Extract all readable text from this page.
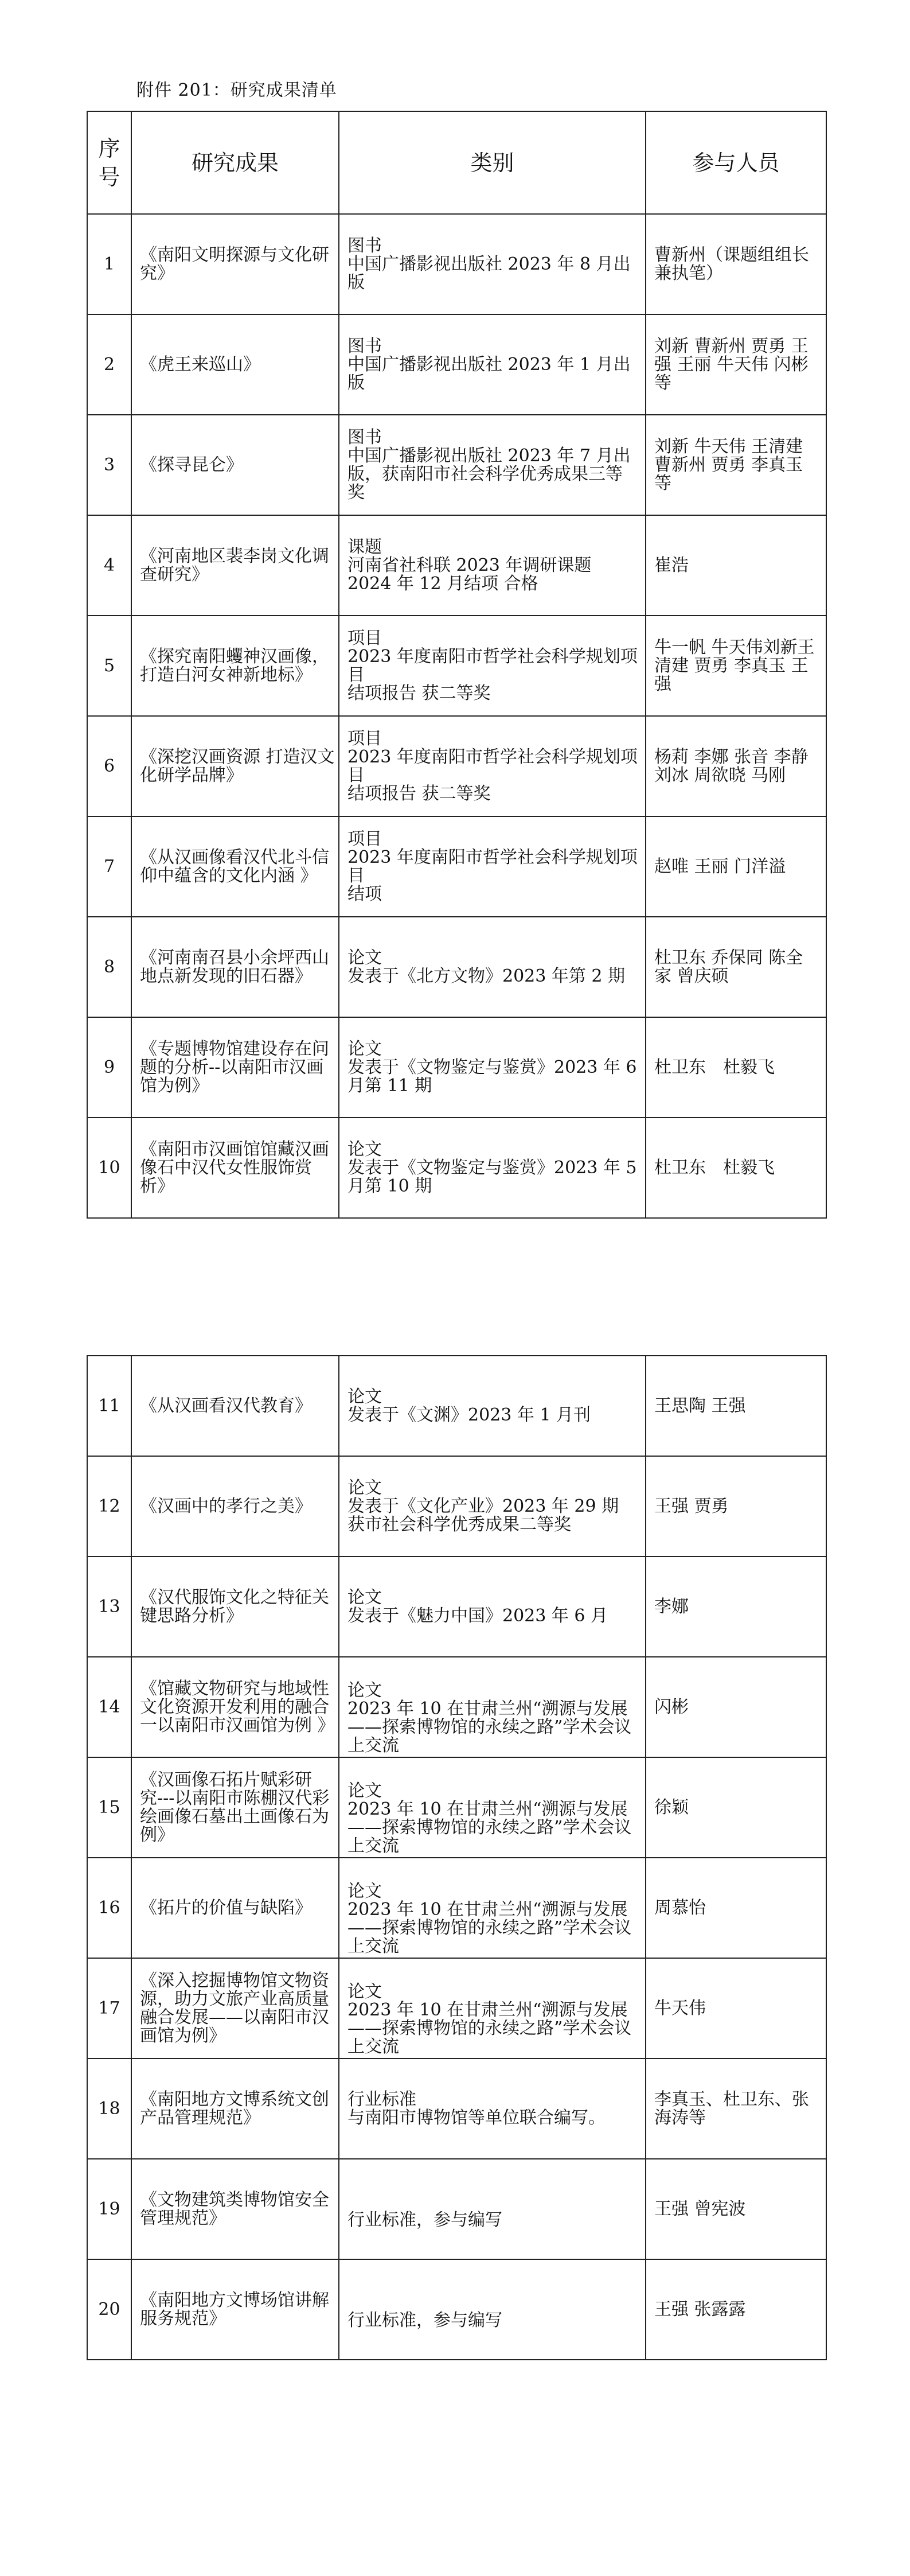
附件 201：研究成果清单
序号	研究成果	类别	参与人员
1	《南阳文明探源与文化研究》	图书
中国广播影视出版社 2023 年 8 月出版	曹新州（课题组组长兼执笔）

2	《虎王来巡山》	图书
中国广播影视出版社 2023 年 1 月出版	刘新 曹新州 贾勇 王强 王丽 牛天伟 闪彬等

3	《探寻昆仑》	图书
中国广播影视出版社 2023 年 7 月出版，获南阳市社会科学优秀成果三等奖	刘新 牛天伟 王清建 曹新州 贾勇 李真玉等

4	《河南地区裴李岗文化调查研究》	课题
河南省社科联 2023 年调研课题
2024 年 12 月结项 合格	崔浩

5	《探究南阳蠼神汉画像，打造白河女神新地标》	项目
2023 年度南阳市哲学社会科学规划项目
结项报告 获二等奖	牛一帆 牛天伟刘新王清建 贾勇 李真玉 王强

6	《深挖汉画资源 打造汉文化研学品牌》	项目
2023 年度南阳市哲学社会科学规划项目
结项报告 获二等奖	杨莉 李娜 张音 李静 刘冰 周欲晓 马刚

7	《从汉画像看汉代北斗信仰中蕴含的文化内涵 》	项目
2023 年度南阳市哲学社会科学规划项目
结项	赵唯 王丽 门洋溢

8	《河南南召县小余坪西山地点新发现的旧石器》	论文
发表于《北方文物》2023 年第 2 期	杜卫东 乔保同 陈全家 曾庆硕

9	《专题博物馆建设存在问题的分析--以南阳市汉画馆为例》	论文
发表于《文物鉴定与鉴赏》2023 年 6 月第 11 期	杜卫东　杜毅飞

10	《南阳市汉画馆馆藏汉画像石中汉代女性服饰赏析》	论文
发表于《文物鉴定与鉴赏》2023 年 5 月第 10 期	杜卫东　杜毅飞
11	《从汉画看汉代教育》	论文
发表于《文渊》2023 年 1 月刊	王思陶 王强

12	《汉画中的孝行之美》	论文
发表于《文化产业》2023 年 29 期
获市社会科学优秀成果二等奖	王强 贾勇

13	《汉代服饰文化之特征关键思路分析》	论文
发表于《魅力中国》2023 年 6 月	李娜

14	《馆藏文物研究与地域性文化资源开发利用的融合一以南阳市汉画馆为例 》	论文
2023 年 10 在甘肃兰州“溯源与发展——探索博物馆的永续之路”学术会议上交流	闪彬

15	《汉画像石拓片赋彩研究---以南阳市陈棚汉代彩绘画像石墓出土画像石为例》	论文
2023 年 10 在甘肃兰州“溯源与发展——探索博物馆的永续之路”学术会议上交流	徐颖

16	《拓片的价值与缺陷》	论文
2023 年 10 在甘肃兰州“溯源与发展——探索博物馆的永续之路”学术会议上交流	周慕怡

17	《深入挖掘博物馆文物资源，助力文旅产业高质量融合发展——以南阳市汉画馆为例》	论文
2023 年 10 在甘肃兰州“溯源与发展——探索博物馆的永续之路”学术会议上交流	牛天伟

18	《南阳地方文博系统文创产品管理规范》	行业标准
与南阳市博物馆等单位联合编写。	李真玉、杜卫东、张海涛等

19	《文物建筑类博物馆安全管理规范》	行业标准，参与编写	王强 曾宪波

20	《南阳地方文博场馆讲解服务规范》	行业标准，参与编写	王强 张露露
